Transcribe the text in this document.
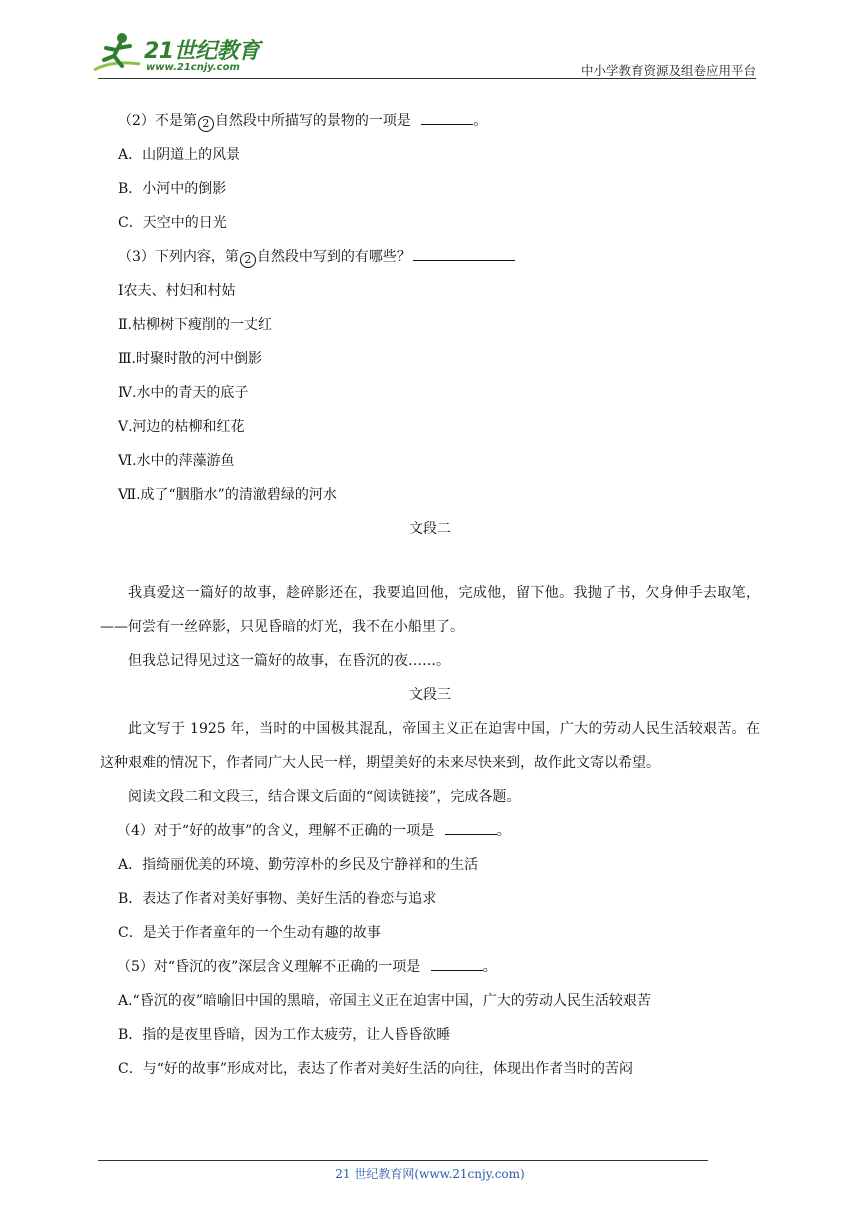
21世纪教育
www.21cnjy.com	中小学教育资源及组卷应用平台
（2）不是第 2 自然段中所描写的景物的一项是	。
A．山阴道上的风景
B．小河中的倒影
C．天空中的日光
（3）下列内容，第 2 自然段中写到的有哪些？
Ⅰ农夫、村妇和村姑
Ⅱ.枯柳树下瘦削的一丈红
Ⅲ.时聚时散的河中倒影
Ⅳ.水中的青天的底子
Ⅴ.河边的枯柳和红花
Ⅵ.水中的萍藻游鱼
Ⅶ.成了“胭脂水”的清澈碧绿的河水
文段二
我真爱这一篇好的故事，趁碎影还在，我要追回他，完成他，留下他。我抛了书，欠身伸手去取笔，——何尝有一丝碎影，只见昏暗的灯光，我不在小船里了。
但我总记得见过这一篇好的故事，在昏沉的夜……。
文段三
此文写于 1925 年，当时的中国极其混乱，帝国主义正在迫害中国，广大的劳动人民生活较艰苦。在这种艰难的情况下，作者同广大人民一样，期望美好的未来尽快来到，故作此文寄以希望。
阅读文段二和文段三，结合课文后面的“阅读链接”，完成各题。
（4）对于“好的故事”的含义，理解不正确的一项是	。
A．指绮丽优美的环境、勤劳淳朴的乡民及宁静祥和的生活
B．表达了作者对美好事物、美好生活的眷恋与追求
C．是关于作者童年的一个生动有趣的故事
（5）对“昏沉的夜”深层含义理解不正确的一项是	。
A.“昏沉的夜”暗喻旧中国的黑暗，帝国主义正在迫害中国，广大的劳动人民生活较艰苦
B．指的是夜里昏暗，因为工作太疲劳，让人昏昏欲睡
C．与“好的故事”形成对比，表达了作者对美好生活的向往，体现出作者当时的苦闷
21 世纪教育网(www.21cnjy.com)
